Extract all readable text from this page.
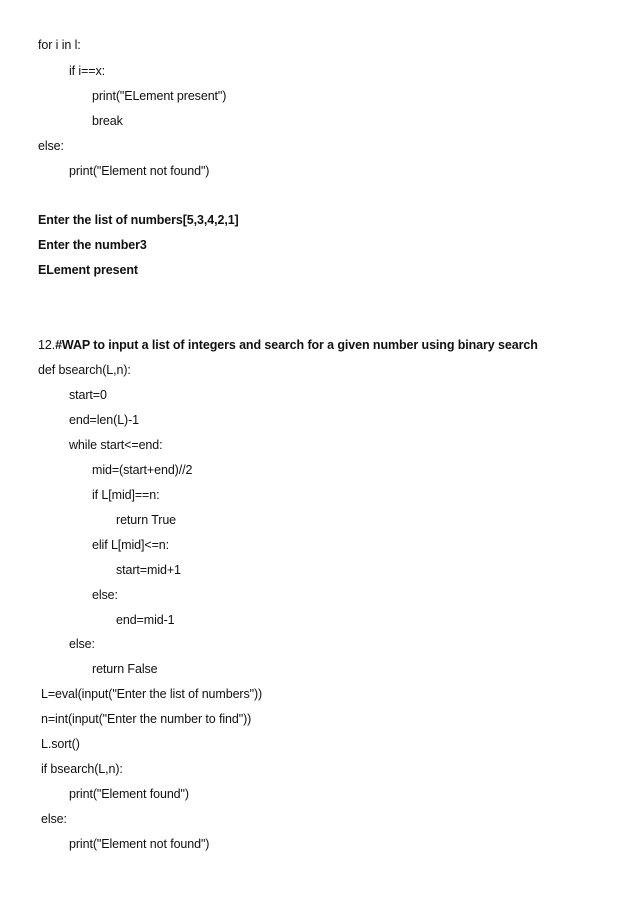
for i in l:
if i==x:
print("ELement present")
break
else:
print("Element not found")
Enter the list of numbers[5,3,4,2,1]
Enter the number3
ELement present
12.#WAP to input a list of integers and search for a given number using binary search
def bsearch(L,n):
start=0
end=len(L)-1
while start<=end:
mid=(start+end)//2
if L[mid]==n:
return True
elif L[mid]<=n:
start=mid+1
else:
end=mid-1
else:
return False
L=eval(input("Enter the list of numbers"))
n=int(input("Enter the number to find"))
L.sort()
if bsearch(L,n):
print("Element found")
else:
print("Element not found")
